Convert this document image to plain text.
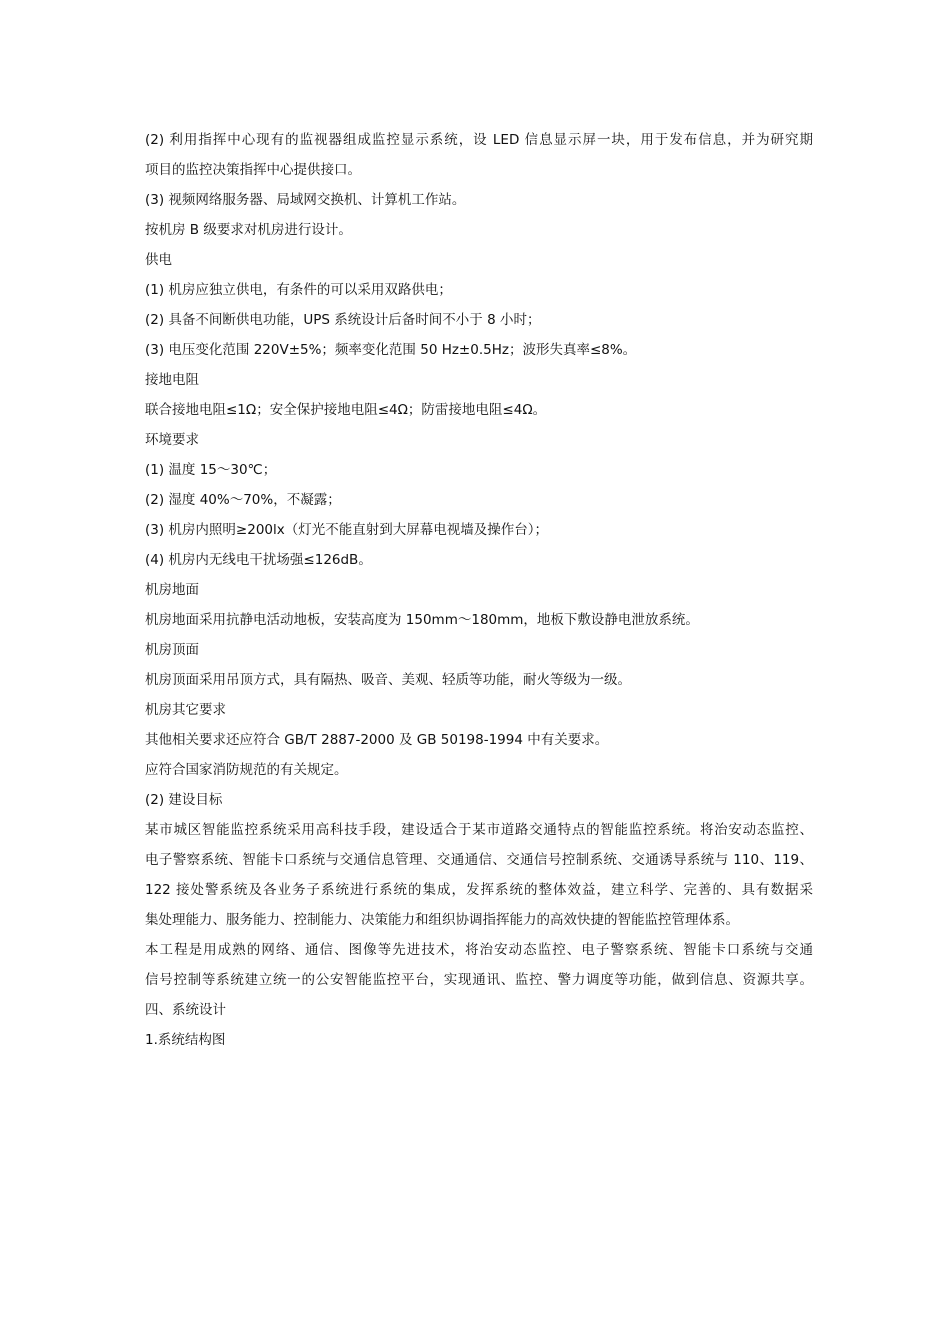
(2) 利用指挥中心现有的监视器组成监控显示系统，设 LED 信息显示屏一块，用于发布信息，并为研究期

项目的监控决策指挥中心提供接口。

(3) 视频网络服务器、局域网交换机、计算机工作站。

按机房 B 级要求对机房进行设计。

供电

(1) 机房应独立供电，有条件的可以采用双路供电；

(2) 具备不间断供电功能，UPS 系统设计后备时间不小于 8 小时；

(3) 电压变化范围 220V±5%；频率变化范围 50 Hz±0.5Hz；波形失真率≤8%。

接地电阻

联合接地电阻≤1Ω；安全保护接地电阻≤4Ω；防雷接地电阻≤4Ω。

环境要求

(1) 温度 15～30℃；

(2) 湿度 40%～70%，不凝露；

(3) 机房内照明≥200lx（灯光不能直射到大屏幕电视墙及操作台）；

(4) 机房内无线电干扰场强≤126dB。

机房地面

机房地面采用抗静电活动地板，安装高度为 150mm～180mm，地板下敷设静电泄放系统。

机房顶面

机房顶面采用吊顶方式，具有隔热、吸音、美观、轻质等功能，耐火等级为一级。

机房其它要求

其他相关要求还应符合 GB/T 2887-2000 及 GB 50198-1994 中有关要求。

应符合国家消防规范的有关规定。

(2) 建设目标

某市城区智能监控系统采用高科技手段，建设适合于某市道路交通特点的智能监控系统。将治安动态监控、

电子警察系统、智能卡口系统与交通信息管理、交通通信、交通信号控制系统、交通诱导系统与 110、119、

122 接处警系统及各业务子系统进行系统的集成，发挥系统的整体效益，建立科学、完善的、具有数据采

集处理能力、服务能力、控制能力、决策能力和组织协调指挥能力的高效快捷的智能监控管理体系。

本工程是用成熟的网络、通信、图像等先进技术，将治安动态监控、电子警察系统、智能卡口系统与交通

信号控制等系统建立统一的公安智能监控平台，实现通讯、监控、警力调度等功能，做到信息、资源共享。

四、系统设计

1.系统结构图
